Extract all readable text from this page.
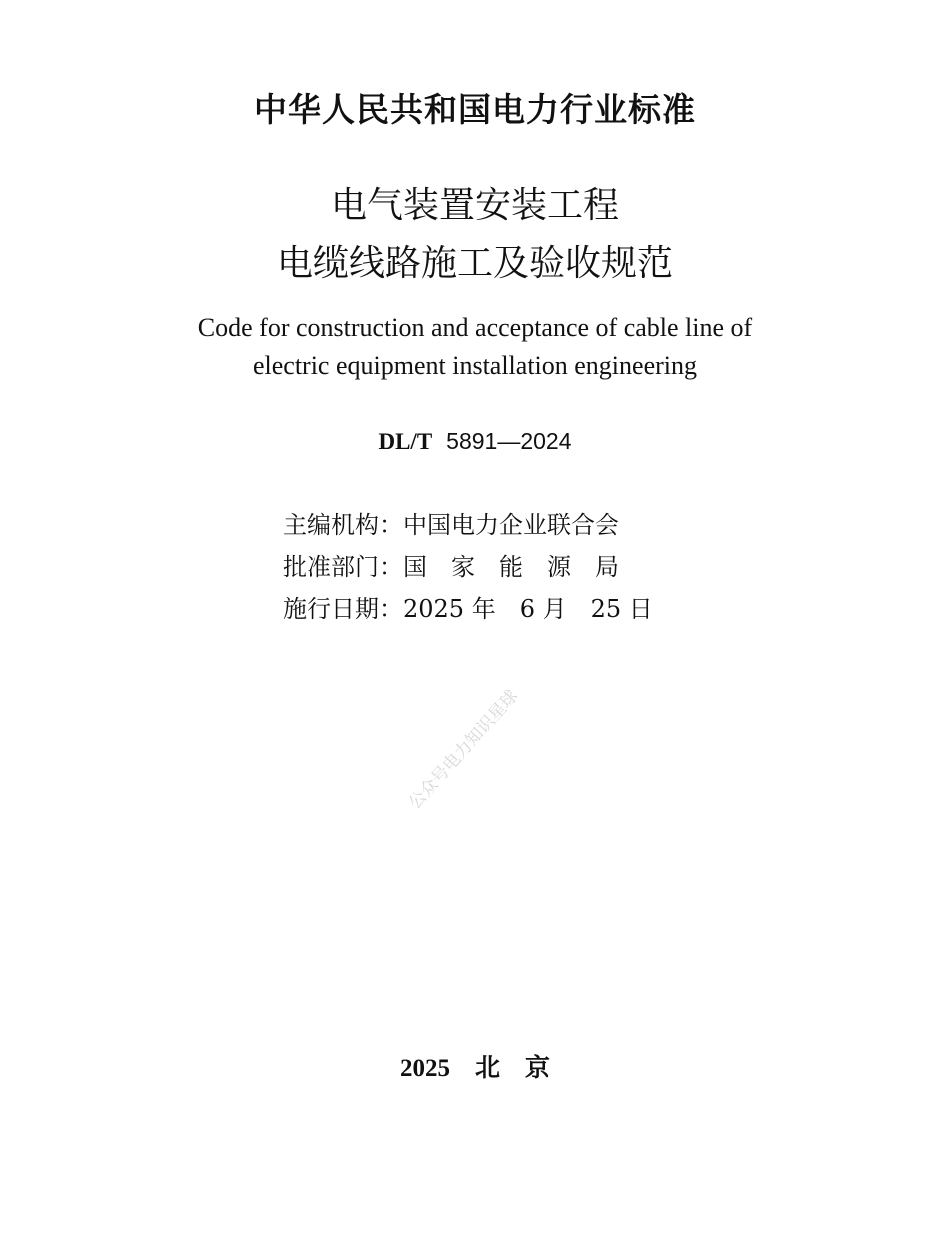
中华人民共和国电力行业标准
电气装置安装工程
电缆线路施工及验收规范
Code for construction and acceptance of cable line of
electric equipment installation engineering
DL/T 5891—2024
主编机构：中国电力企业联合会
批准部门：国　家　能　源　局
施行日期：2025 年　6 月　25 日
公众号电力知识星球
2025　北　京
